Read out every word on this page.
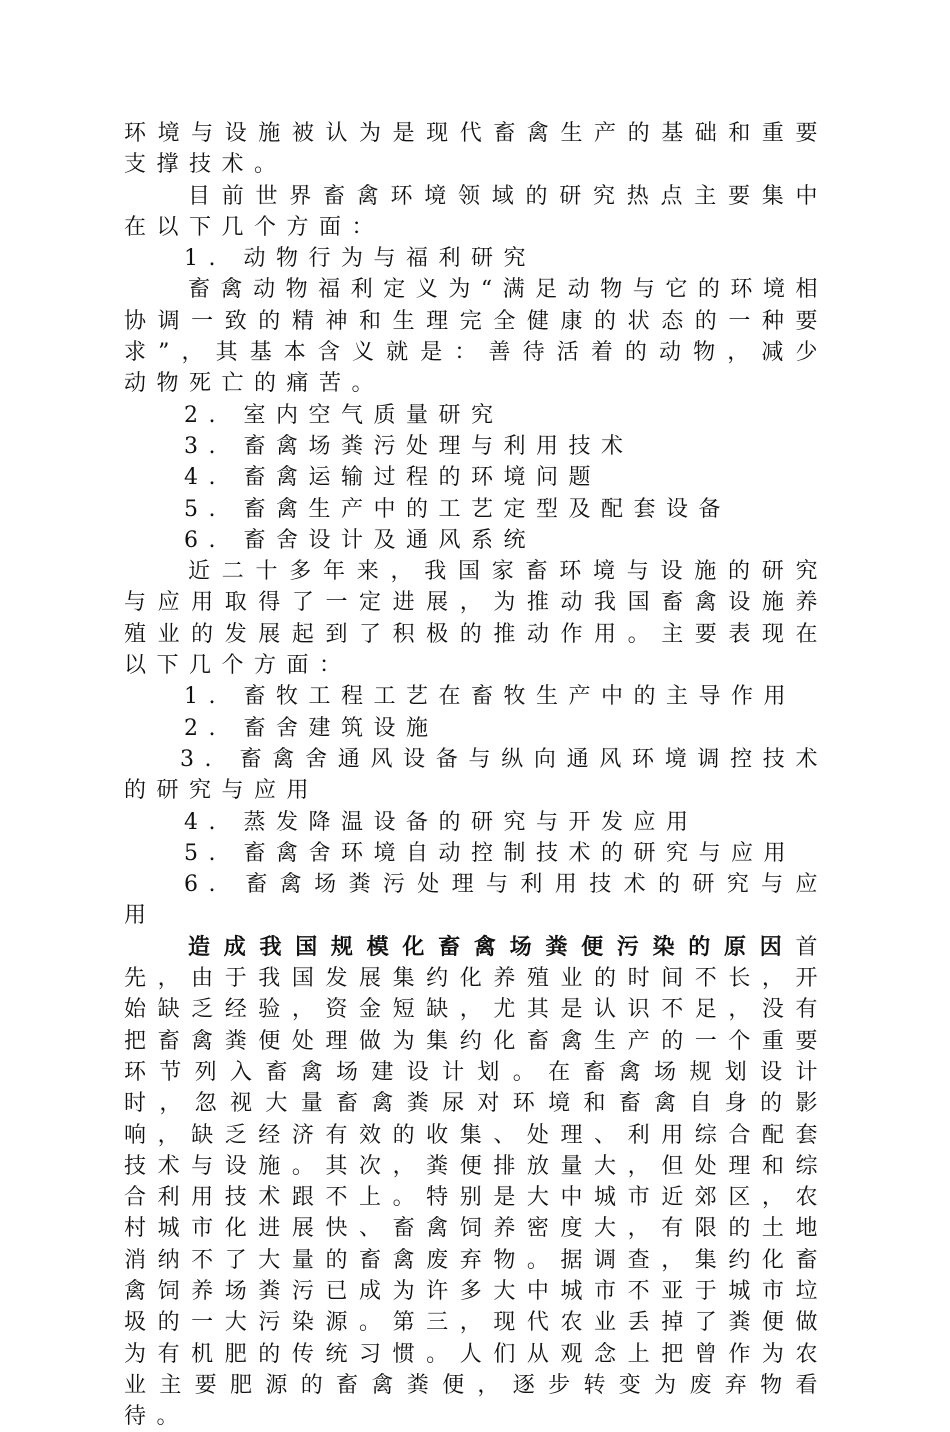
环境与设施被认为是现代畜禽生产的基础和重要支撑技术。

目前世界畜禽环境领域的研究热点主要集中在以下几个方面：

1. 动物行为与福利研究

畜禽动物福利定义为“满足动物与它的环境相协调一致的精神和生理完全健康的状态的一种要求”，其基本含义就是：善待活着的动物，减少动物死亡的痛苦。

2. 室内空气质量研究

3. 畜禽场粪污处理与利用技术

4. 畜禽运输过程的环境问题

5. 畜禽生产中的工艺定型及配套设备

6. 畜舍设计及通风系统

近二十多年来，我国家畜环境与设施的研究与应用取得了一定进展，为推动我国畜禽设施养殖业的发展起到了积极的推动作用。主要表现在以下几个方面：

1. 畜牧工程工艺在畜牧生产中的主导作用

2. 畜舍建筑设施

3. 畜禽舍通风设备与纵向通风环境调控技术的研究与应用

4. 蒸发降温设备的研究与开发应用

5. 畜禽舍环境自动控制技术的研究与应用

6. 畜禽场粪污处理与利用技术的研究与应用

造成我国规模化畜禽场粪便污染的原因首先，由于我国发展集约化养殖业的时间不长，开始缺乏经验，资金短缺，尤其是认识不足，没有把畜禽粪便处理做为集约化畜禽生产的一个重要环节列入畜禽场建设计划。在畜禽场规划设计时，忽视大量畜禽粪尿对环境和畜禽自身的影响，缺乏经济有效的收集、处理、利用综合配套技术与设施。其次，粪便排放量大，但处理和综合利用技术跟不上。特别是大中城市近郊区，农村城市化进展快、畜禽饲养密度大，有限的土地消纳不了大量的畜禽废弃物。据调查，集约化畜禽饲养场粪污已成为许多大中城市不亚于城市垃圾的一大污染源。第三，现代农业丢掉了粪便做为有机肥的传统习惯。人们从观念上把曾作为农业主要肥源的畜禽粪便，逐步转变为废弃物看待。
